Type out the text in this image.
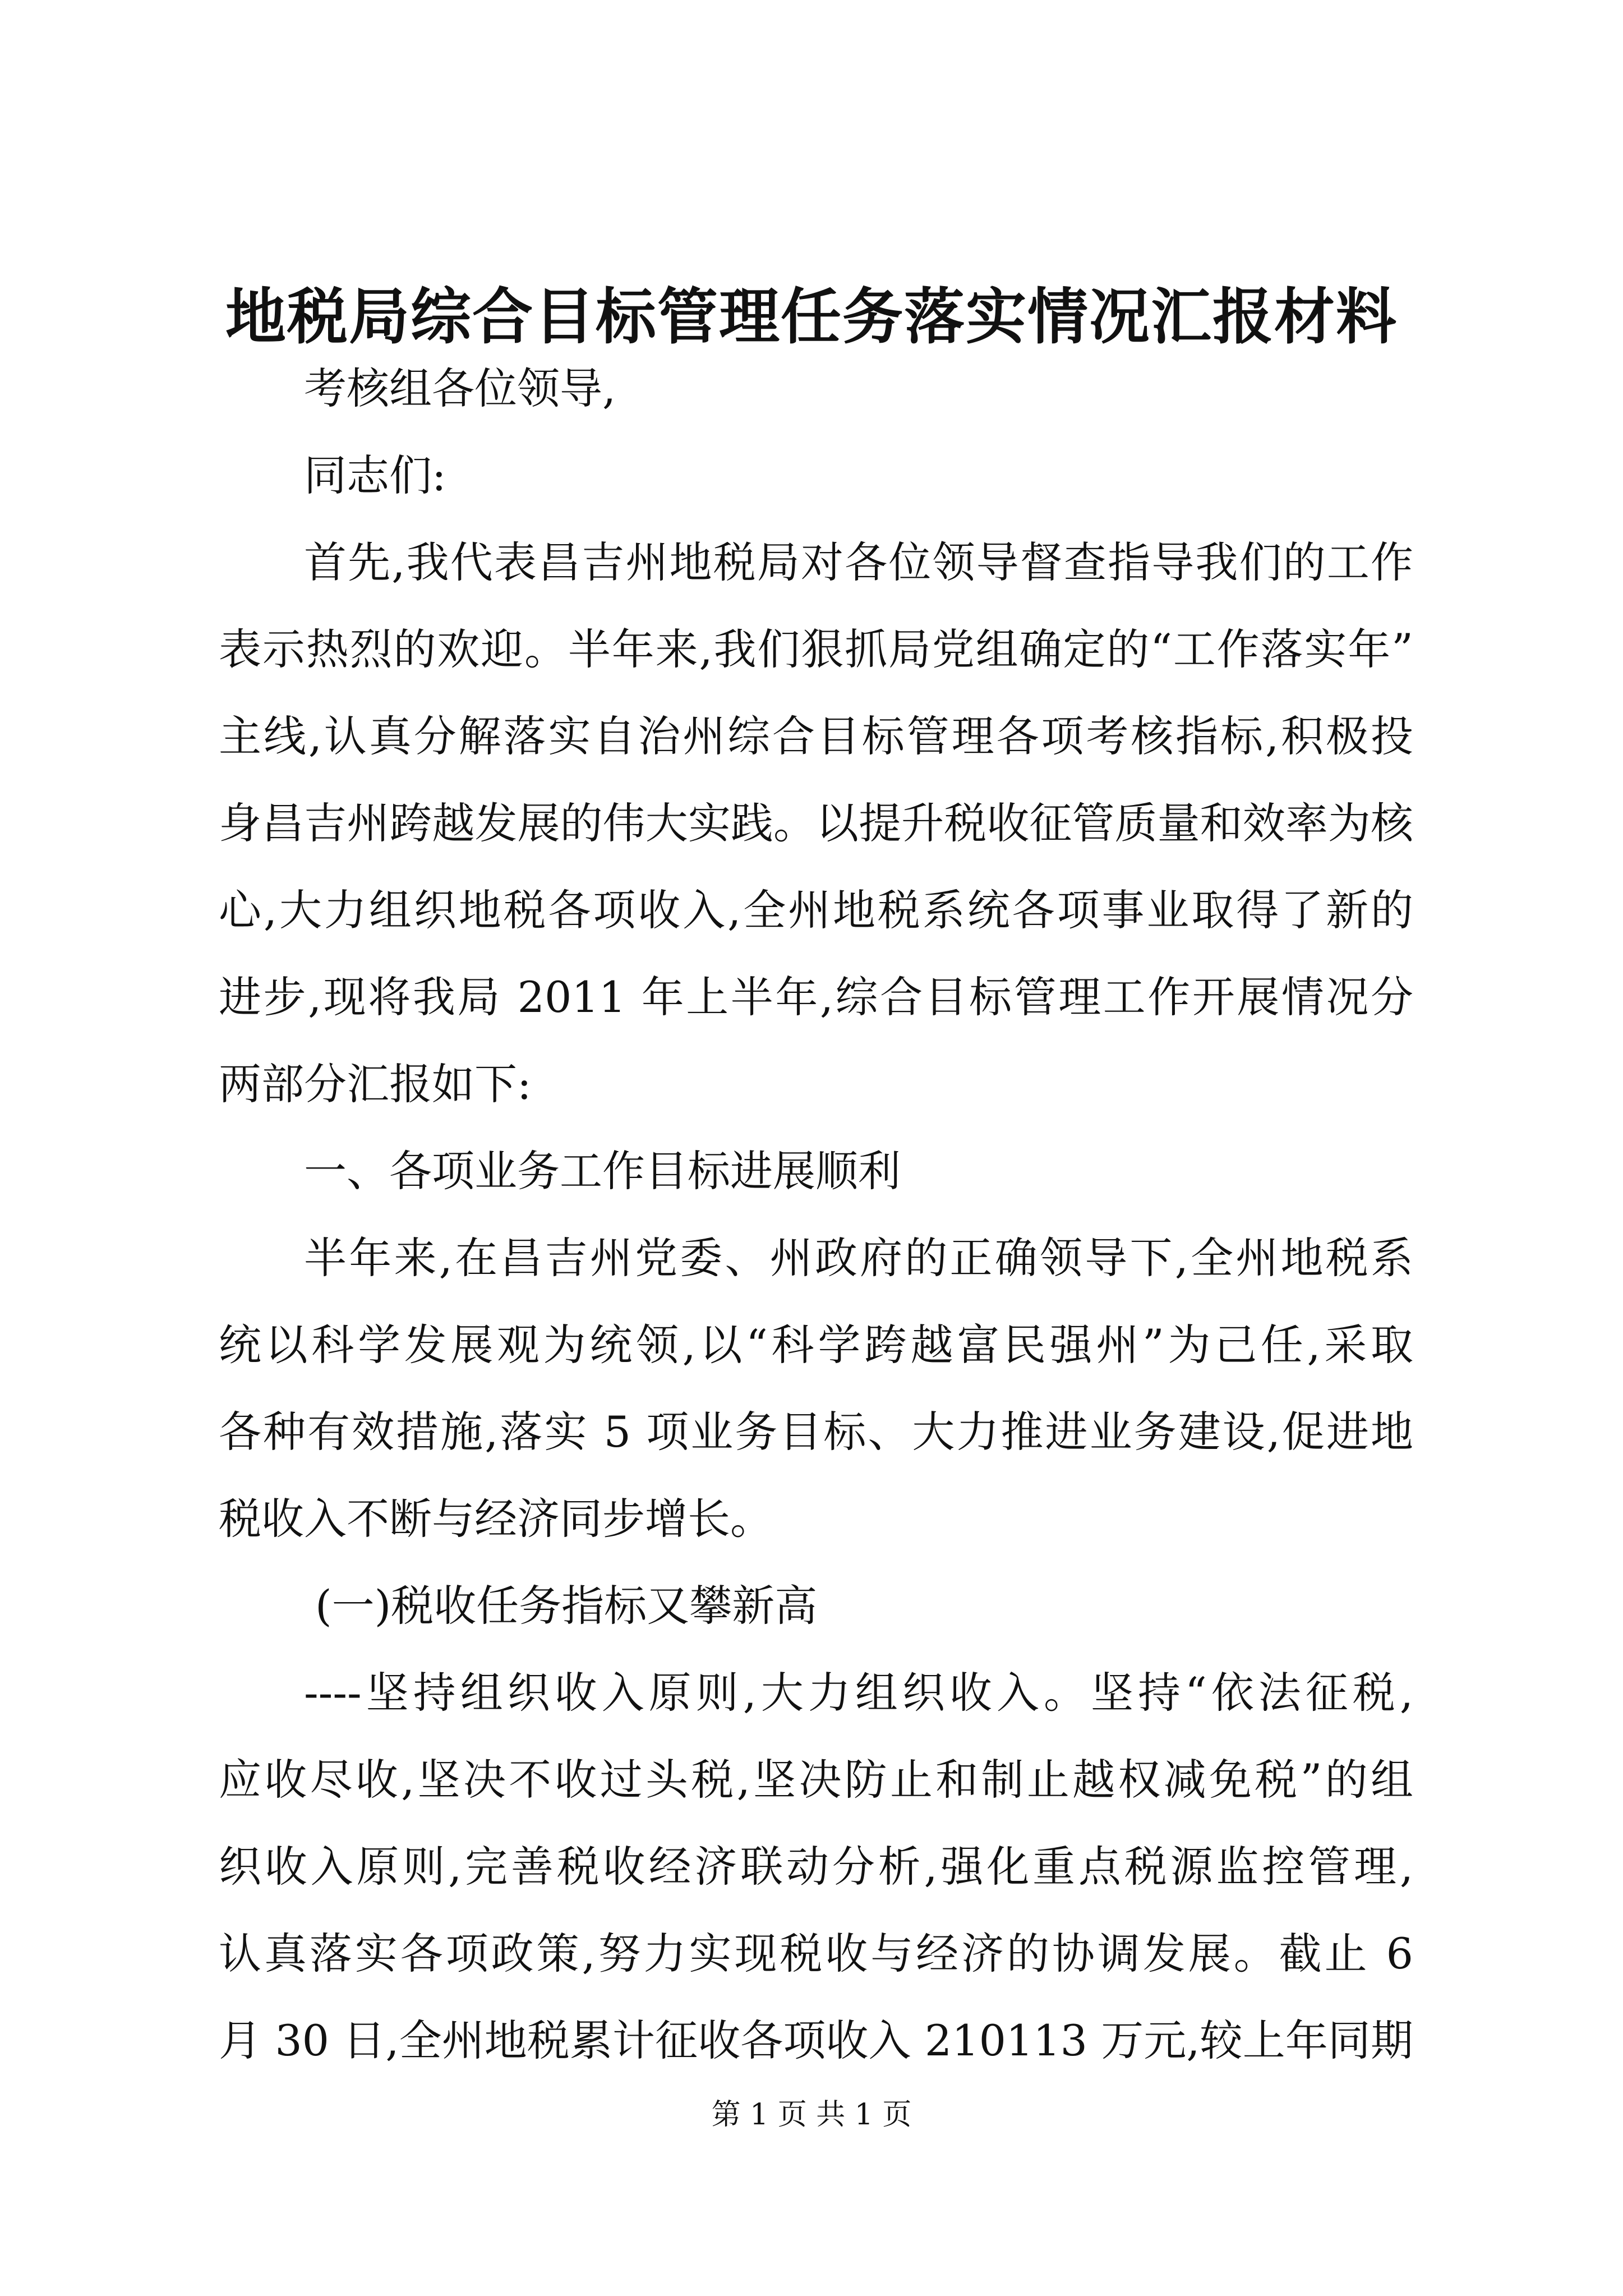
地税局综合目标管理任务落实情况汇报材料
考核组各位领导,
同志们:
首先,我代表昌吉州地税局对各位领导督查指导我们的工作
表示热烈的欢迎。半年来,我们狠抓局党组确定的“工作落实年”
主线,认真分解落实自治州综合目标管理各项考核指标,积极投
身昌吉州跨越发展的伟大实践。以提升税收征管质量和效率为核
心,大力组织地税各项收入,全州地税系统各项事业取得了新的
进步,现将我局 2011 年上半年,综合目标管理工作开展情况分
两部分汇报如下:
一、各项业务工作目标进展顺利
半年来,在昌吉州党委、州政府的正确领导下,全州地税系
统以科学发展观为统领,以“科学跨越富民强州”为己任,采取
各种有效措施,落实 5 项业务目标、大力推进业务建设,促进地
税收入不断与经济同步增长。
(一)税收任务指标又攀新高
----坚持组织收入原则,大力组织收入。坚持“依法征税,
应收尽收,坚决不收过头税,坚决防止和制止越权减免税”的组
织收入原则,完善税收经济联动分析,强化重点税源监控管理,
认真落实各项政策,努力实现税收与经济的协调发展。截止 6
月 30 日,全州地税累计征收各项收入 210113 万元,较上年同期
第 1 页 共 1 页
